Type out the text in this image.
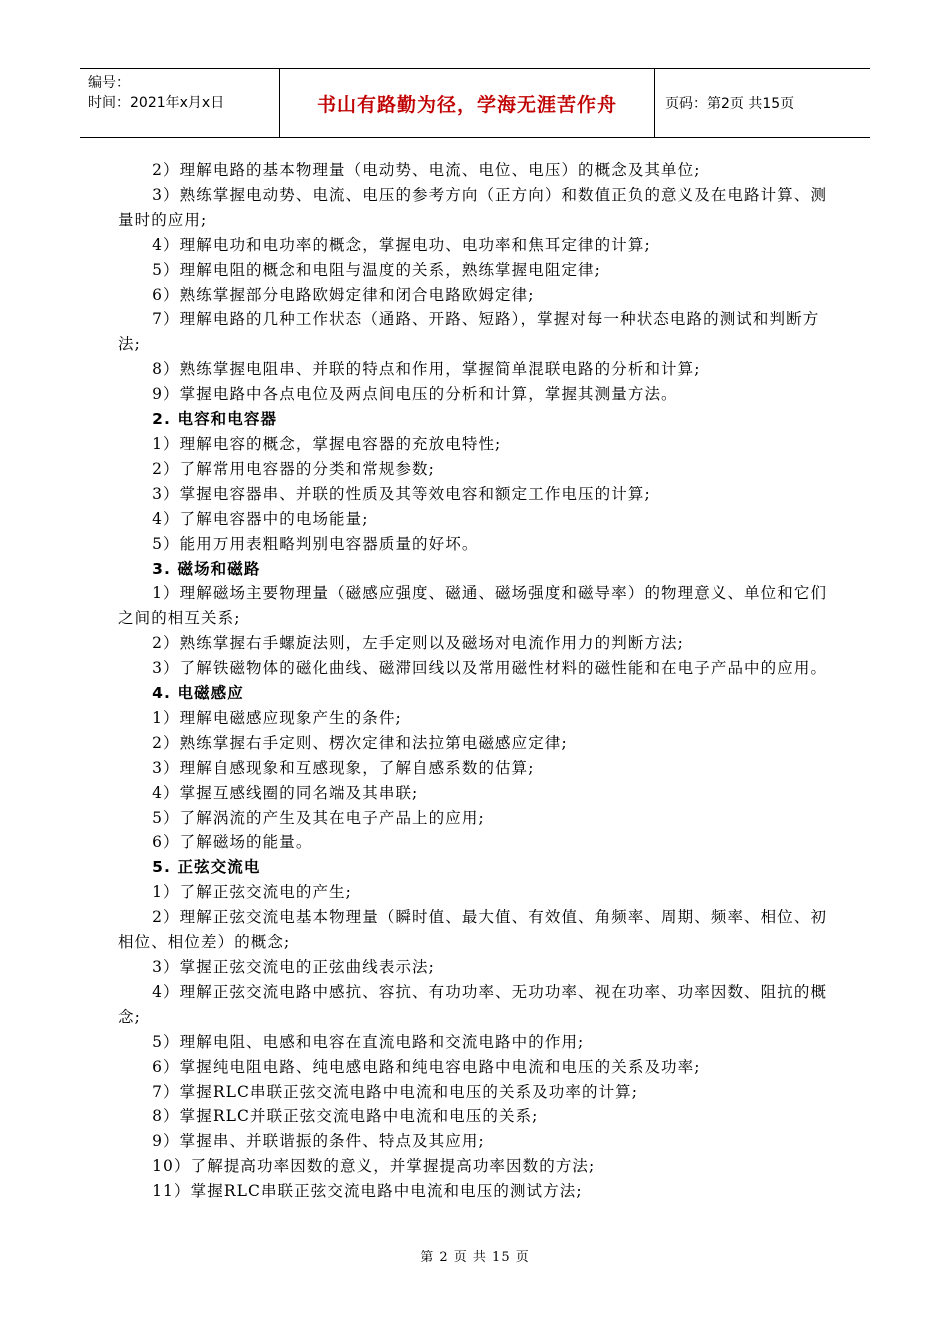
编号：
时间：2021年x月x日	书山有路勤为径，学海无涯苦作舟	页码：第2页 共15页

2）理解电路的基本物理量（电动势、电流、电位、电压）的概念及其单位;

3）熟练掌握电动势、电流、电压的参考方向（正方向）和数值正负的意义及在电路计算、测量时的应用;

4）理解电功和电功率的概念，掌握电功、电功率和焦耳定律的计算;

5）理解电阻的概念和电阻与温度的关系，熟练掌握电阻定律;

6）熟练掌握部分电路欧姆定律和闭合电路欧姆定律;

7）理解电路的几种工作状态（通路、开路、短路），掌握对每一种状态电路的测试和判断方法;

8）熟练掌握电阻串、并联的特点和作用，掌握简单混联电路的分析和计算;

9）掌握电路中各点电位及两点间电压的分析和计算，掌握其测量方法。

2. 电容和电容器

1）理解电容的概念，掌握电容器的充放电特性;

2）了解常用电容器的分类和常规参数;

3）掌握电容器串、并联的性质及其等效电容和额定工作电压的计算;

4）了解电容器中的电场能量;

5）能用万用表粗略判别电容器质量的好坏。

3. 磁场和磁路

1）理解磁场主要物理量（磁感应强度、磁通、磁场强度和磁导率）的物理意义、单位和它们之间的相互关系;

2）熟练掌握右手螺旋法则，左手定则以及磁场对电流作用力的判断方法;

3）了解铁磁物体的磁化曲线、磁滞回线以及常用磁性材料的磁性能和在电子产品中的应用。

4. 电磁感应

1）理解电磁感应现象产生的条件;

2）熟练掌握右手定则、楞次定律和法拉第电磁感应定律;

3）理解自感现象和互感现象，了解自感系数的估算;

4）掌握互感线圈的同名端及其串联;

5）了解涡流的产生及其在电子产品上的应用;

6）了解磁场的能量。

5. 正弦交流电

1）了解正弦交流电的产生;

2）理解正弦交流电基本物理量（瞬时值、最大值、有效值、角频率、周期、频率、相位、初相位、相位差）的概念;

3）掌握正弦交流电的正弦曲线表示法;

4）理解正弦交流电路中感抗、容抗、有功功率、无功功率、视在功率、功率因数、阻抗的概念;

5）理解电阻、电感和电容在直流电路和交流电路中的作用;

6）掌握纯电阻电路、纯电感电路和纯电容电路中电流和电压的关系及功率;

7）掌握RLC串联正弦交流电路中电流和电压的关系及功率的计算;

8）掌握RLC并联正弦交流电路中电流和电压的关系;

9）掌握串、并联谐振的条件、特点及其应用;

10）了解提高功率因数的意义，并掌握提高功率因数的方法;

11）掌握RLC串联正弦交流电路中电流和电压的测试方法;

第 2 页 共 15 页
